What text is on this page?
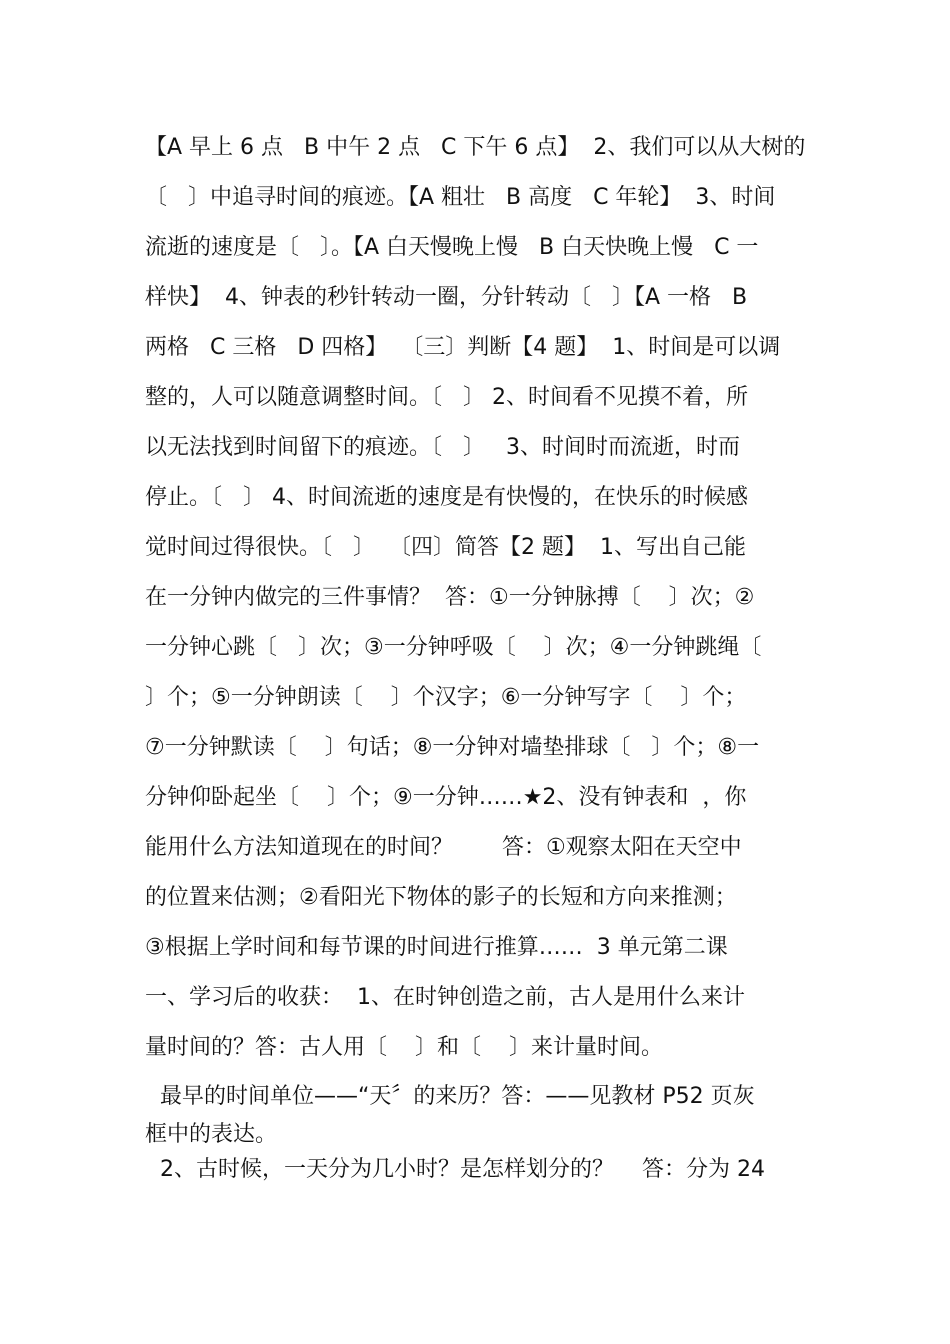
【A 早上 6 点   B 中午 2 点   C 下午 6 点】  2、我们可以从大树的
〔   〕中追寻时间的痕迹。【A 粗壮   B 高度   C 年轮】  3、时间
流逝的速度是〔   〕。【A 白天慢晚上慢   B 白天快晚上慢   C 一
样快】  4、钟表的秒针转动一圈，分针转动〔   〕【A 一格   B
两格   C 三格   D 四格】  〔三〕判断【4 题】  1、时间是可以调
整的，人可以随意调整时间。〔   〕 2、时间看不见摸不着，所
以无法找到时间留下的痕迹。〔   〕   3、时间时而流逝，时而
停止。〔   〕 4、时间流逝的速度是有快慢的，在快乐的时候感
觉时间过得很快。〔   〕  〔四〕简答【2 题】  1、写出自己能
在一分钟内做完的三件事情？  答：①一分钟脉搏〔    〕次；②
一分钟心跳〔   〕次；③一分钟呼吸〔    〕次；④一分钟跳绳〔
〕个；⑤一分钟朗读〔    〕个汉字；⑥一分钟写字〔    〕个；
⑦一分钟默读〔    〕句话；⑧一分钟对墙垫排球〔   〕个；⑧一
分钟仰卧起坐〔    〕个；⑨一分钟……★2、没有钟表和  ，你
能用什么方法知道现在的时间？       答：①观察太阳在天空中
的位置来估测；②看阳光下物体的影子的长短和方向来推测；
③根据上学时间和每节课的时间进行推算……  3 单元第二课
一、学习后的收获：  1、在时钟创造之前，古人是用什么来计
量时间的？答：古人用〔    〕和〔    〕来计量时间。
最早的时间单位——“天〞的来历？答：——见教材 P52 页灰
框中的表达。
2、古时候，一天分为几小时？是怎样划分的？    答：分为 24
